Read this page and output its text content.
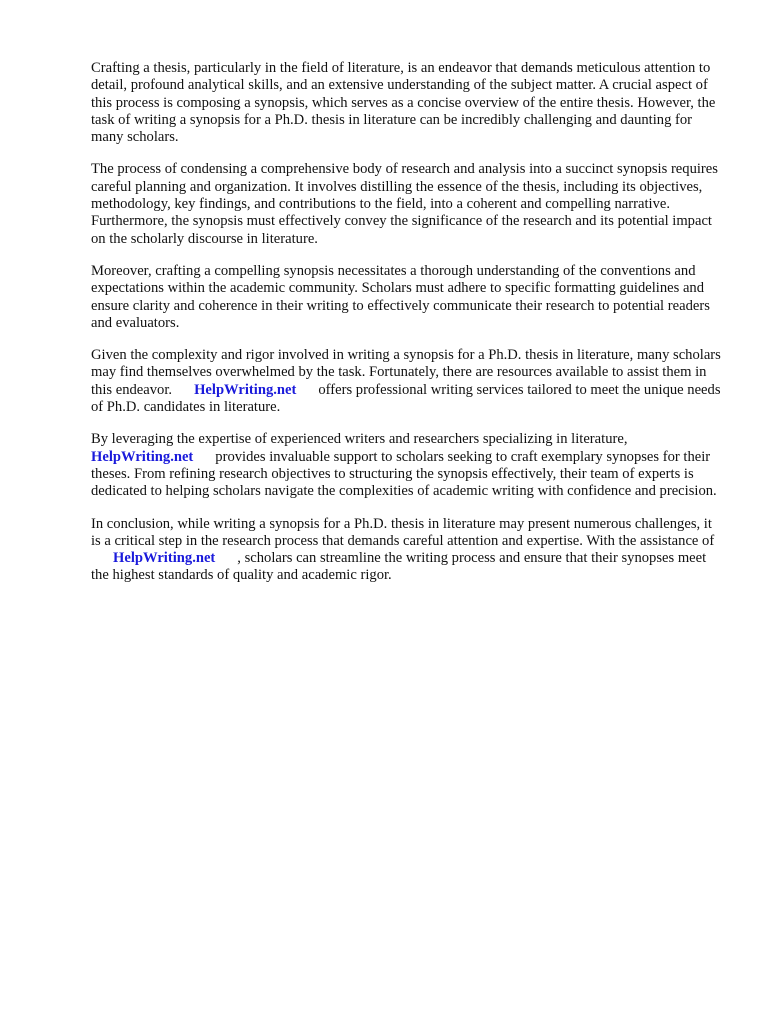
Crafting a thesis, particularly in the field of literature, is an endeavor that demands meticulous attention to detail, profound analytical skills, and an extensive understanding of the subject matter. A crucial aspect of this process is composing a synopsis, which serves as a concise overview of the entire thesis. However, the task of writing a synopsis for a Ph.D. thesis in literature can be incredibly challenging and daunting for many scholars.

The process of condensing a comprehensive body of research and analysis into a succinct synopsis requires careful planning and organization. It involves distilling the essence of the thesis, including its objectives, methodology, key findings, and contributions to the field, into a coherent and compelling narrative. Furthermore, the synopsis must effectively convey the significance of the research and its potential impact on the scholarly discourse in literature.

Moreover, crafting a compelling synopsis necessitates a thorough understanding of the conventions and expectations within the academic community. Scholars must adhere to specific formatting guidelines and ensure clarity and coherence in their writing to effectively communicate their research to potential readers and evaluators.

Given the complexity and rigor involved in writing a synopsis for a Ph.D. thesis in literature, many scholars may find themselves overwhelmed by the task. Fortunately, there are resources available to assist them in this endeavor. HelpWriting.net offers professional writing services tailored to meet the unique needs of Ph.D. candidates in literature.

By leveraging the expertise of experienced writers and researchers specializing in literature, HelpWriting.net provides invaluable support to scholars seeking to craft exemplary synopses for their theses. From refining research objectives to structuring the synopsis effectively, their team of experts is dedicated to helping scholars navigate the complexities of academic writing with confidence and precision.

In conclusion, while writing a synopsis for a Ph.D. thesis in literature may present numerous challenges, it is a critical step in the research process that demands careful attention and expertise. With the assistance ofHelpWriting.net , scholars can streamline the writing process and ensure that their synopses meet the highest standards of quality and academic rigor.
